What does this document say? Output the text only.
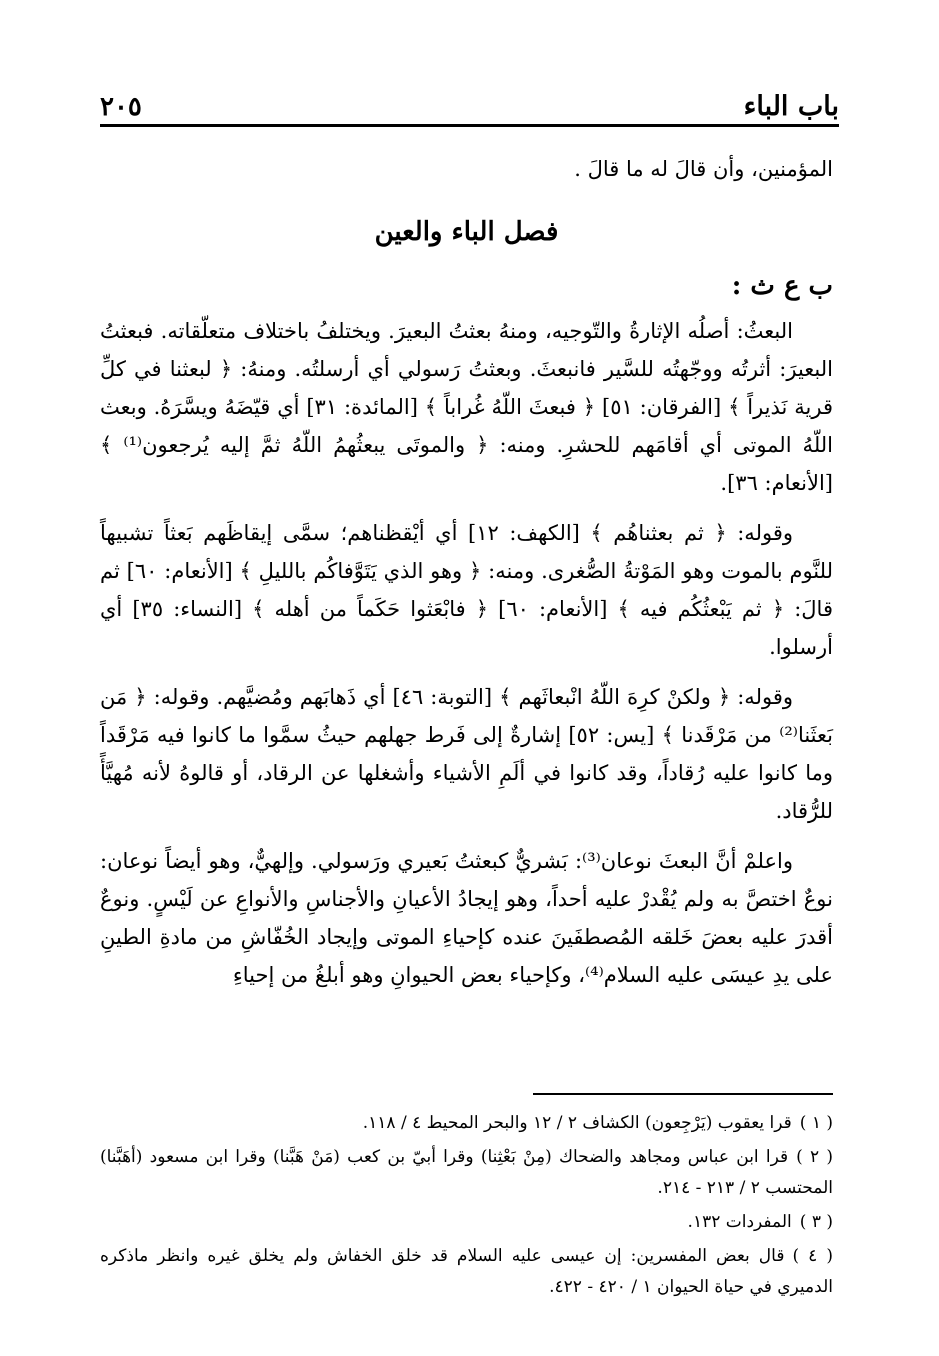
باب الباء
٢٠٥

المؤمنين، وأن قالَ له ما قالَ .

فصل الباء والعين
ب ع ث :

البعثُ: أصلُه الإثارةُ والتّوجيه، ومنهُ بعثتُ البعيرَ. ويختلفُ باختلاف متعلّقاته. فبعثتُ البعيرَ: أثرتُه ووجّهتُه للسَّير فانبعثَ. وبعثتُ رَسولي أي أرسلتُه. ومنهُ: ﴿ لبعثنا في كلِّ قرية نَذيراً ﴾ [الفرقان: ٥١] ﴿ فبعثَ اللّهُ غُراباً ﴾ [المائدة: ٣١] أي قيّضَهُ ويسَّرَهُ. وبعث اللّهُ الموتى أي أقامَهم للحشرِ. ومنه: ﴿ والموتَى يبعثُهمُ اللّهُ ثمَّ إليه يُرجعون⁽¹⁾ ﴾ [الأنعام: ٣٦].

وقوله: ﴿ ثم بعثناهُم ﴾ [الكهف: ١٢] أي أيْقظناهم؛ سمَّى إيقاظَهم بَعثاً تشبيهاً للنَّوم بالموت وهو المَوْتةُ الصُّغرى. ومنه: ﴿ وهو الذي يَتَوَّفاكُم بالليلِ ﴾ [الأنعام: ٦٠] ثم قالَ: ﴿ ثم يَبْعثُكُم فيه ﴾ [الأنعام: ٦٠] ﴿ فابْعَثوا حَكَماً من أهله ﴾ [النساء: ٣٥] أي أرسلوا.

وقوله: ﴿ ولكنْ كرِهَ اللّهُ انْبعاثَهم ﴾ [التوبة: ٤٦] أي ذَهابَهم ومُضيَّهم. وقوله: ﴿ مَن بَعثَنا⁽²⁾ من مَرْقَدنا ﴾ [يس: ٥٢] إشارةٌ إلى فَرط جهلهم حيثُ سمَّوا ما كانوا فيه مَرْقَداً وما كانوا عليه رُقاداً، وقد كانوا في ألَمِ الأشياء وأشغلها عن الرقاد، أو قالوهُ لأنه مُهيَّأً للرُّقاد.

واعلمْ أنَّ البعثَ نوعان⁽³⁾: بَشريٌّ كبعثتُ بَعيري ورَسولي. وإلهيٌّ، وهو أيضاً نوعان: نوعٌ اختصَّ به ولم يُقْدرْ عليه أحداً، وهو إيجادُ الأعيانِ والأجناسِ والأنواعِ عن لَيْسٍ. ونوعٌ أقدرَ عليه بعضَ خَلقه المُصطفَينَ عنده كإحياءِ الموتى وإيجاد الخُفّاشِ من مادةِ الطينِ على يدِ عيسَى عليه السلام⁽⁴⁾، وكإحياء بعض الحيوانِ وهو أبلغُ من إحياءِ

( ١ )قرا يعقوب (يَرْجِعون) الكشاف ٢ / ١٢ والبحر المحيط ٤ / ١١٨.
( ٢ )قرا ابن عباس ومجاهد والضحاك (مِنْ بَعْثِنا) وقرا أبيّ بن كعب (مَنْ هَبَّنا) وقرا ابن مسعود (أهَبَّنا) المحتسب ٢ / ٢١٣ - ٢١٤.
( ٣ )المفردات ١٣٢.
( ٤ )قال بعض المفسرين: إن عيسى عليه السلام قد خلق الخفاش ولم يخلق غيره وانظر ماذكره الدميري في حياة الحيوان ١ / ٤٢٠ - ٤٢٢.
